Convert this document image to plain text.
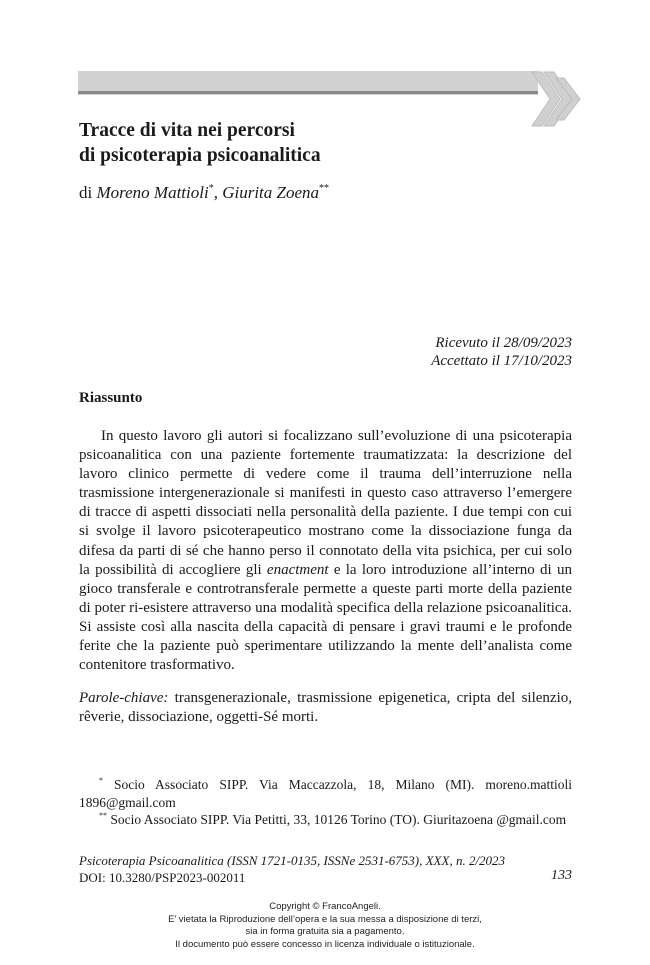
Tracce di vita nei percorsi
di psicoterapia psicoanalitica
di Moreno Mattioli*, Giurita Zoena**
Ricevuto il 28/09/2023
Accettato il 17/10/2023
Riassunto

In questo lavoro gli autori si focalizzano sull’evoluzione di una psicoterapia psicoanalitica con una paziente fortemente traumatizzata: la descrizione del lavoro clinico permette di vedere come il trauma dell’interruzione nella trasmissione intergenerazionale si manifesti in questo caso attraverso l’emergere di tracce di aspetti dissociati nella personalità della paziente. I due tempi con cui si svolge il lavoro psicoterapeutico mostrano come la dissociazione funga da difesa da parti di sé che hanno perso il connotato della vita psichica, per cui solo la possibilità di accogliere gli enactment e la loro introduzione all’interno di un gioco transferale e controtransferale permette a queste parti morte della paziente di poter ri-esistere attraverso una modalità specifica della relazione psicoanalitica. Si assiste così alla nascita della capacità di pensare i gravi traumi e le profonde ferite che la paziente può sperimentare utilizzando la mente dell’analista come contenitore trasformativo.

Parole-chiave: transgenerazionale, trasmissione epigenetica, cripta del silenzio, rêverie, dissociazione, oggetti-Sé morti.

* Socio Associato SIPP. Via Maccazzola, 18, Milano (MI). moreno.mattioli 1896@gmail.com

** Socio Associato SIPP. Via Petitti, 33, 10126 Torino (TO). Giuritazoena @gmail.com

Psicoterapia Psicoanalitica (ISSN 1721-0135, ISSNe 2531-6753), XXX, n. 2/2023

DOI: 10.3280/PSP2023-002011	133

Copyright © FrancoAngeli.
E’ vietata la Riproduzione dell’opera e la sua messa a disposizione di terzi,
sia in forma gratuita sia a pagamento.
Il documento può essere concesso in licenza individuale o istituzionale.
